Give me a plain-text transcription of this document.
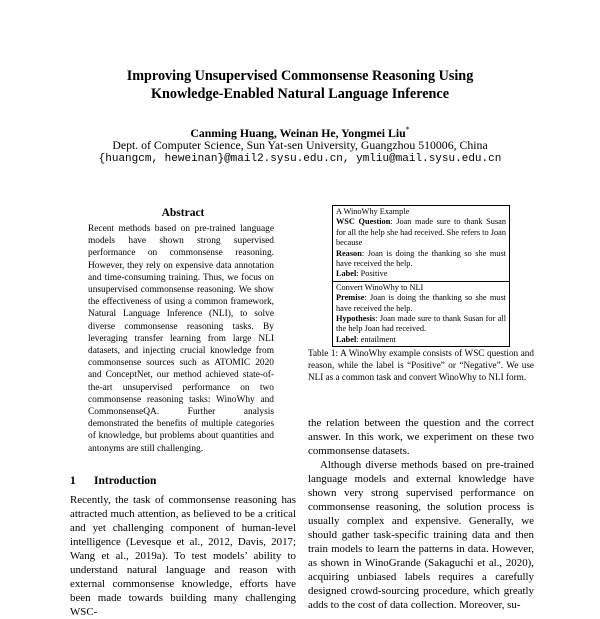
Improving Unsupervised Commonsense Reasoning Using
Knowledge-Enabled Natural Language Inference
Canming Huang, Weinan He, Yongmei Liu*
Dept. of Computer Science, Sun Yat-sen University, Guangzhou 510006, China
{huangcm, heweinan}@mail2.sysu.edu.cn, ymliu@mail.sysu.edu.cn
Abstract
Recent methods based on pre-trained language models have shown strong supervised performance on commonsense reasoning. However, they rely on expensive data annotation and time-consuming training. Thus, we focus on unsupervised commonsense reasoning. We show the effectiveness of using a common framework, Natural Language Inference (NLI), to solve diverse commonsense reasoning tasks. By leveraging transfer learning from large NLI datasets, and injecting crucial knowledge from commonsense sources such as ATOMIC 2020 and ConceptNet, our method achieved state-of-the-art unsupervised performance on two commonsense reasoning tasks: WinoWhy and CommonsenseQA. Further analysis demonstrated the benefits of multiple categories of knowledge, but problems about quantities and antonyms are still challenging.
1 Introduction

Recently, the task of commonsense reasoning has attracted much attention, as believed to be a critical and yet challenging component of human-level intelligence (Levesque et al., 2012, Davis, 2017; Wang et al., 2019a). To test models’ ability to understand natural language and reason with external commonsense knowledge, efforts have been made towards building many challenging WSC-

A WinoWhy Example
WSC Question: Joan made sure to thank Susan for all the help she had received. She refers to Joan because
Reason: Joan is doing the thanking so she must have received the help.
Label: Positive
Convert WinoWhy to NLI
Premise: Joan is doing the thanking so she must have received the help.
Hypothesis: Joan made sure to thank Susan for all the help Joan had received.
Label: entailment
Table 1: A WinoWhy example consists of WSC question and reason, while the label is “Positive” or “Negative”. We use NLI as a common task and convert WinoWhy to NLI form.

the relation between the question and the correct answer. In this work, we experiment on these two commonsense datasets.

Although diverse methods based on pre-trained language models and external knowledge have shown very strong supervised performance on commonsense reasoning, the solution process is usually complex and expensive. Generally, we should gather task-specific training data and then train models to learn the patterns in data. However, as shown in WinoGrande (Sakaguchi et al., 2020), acquiring unbiased labels requires a carefully designed crowd-sourcing procedure, which greatly adds to the cost of data collection. Moreover, su-
